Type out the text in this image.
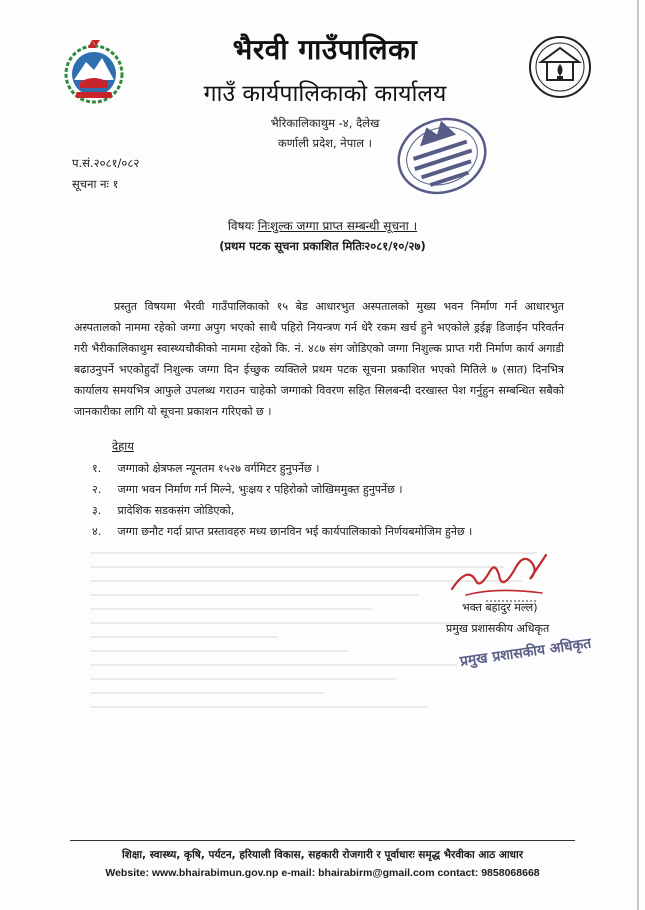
भैरवी गाउँपालिका
गाउँ कार्यपालिकाको कार्यालय
भैरिकालिकाथुम -४, दैलेख
कर्णाली प्रदेश, नेपाल ।
प.सं.२०८१/०८२
सूचना नः १
विषयः निःशुल्क जग्गा प्राप्त सम्बन्धी सूचना ।
(प्रथम पटक सूचना प्रकाशित मितिः२०८१/१०/२७)
प्रस्तुत विषयमा भैरवी गाउँपालिकाको १५ बेड आधारभुत अस्पतालको मुख्य भवन निर्माण गर्न आधारभुत अस्पतालको नाममा रहेको जग्गा अपुग भएको साथै पहिरो नियन्त्रण गर्न धेरै रकम खर्च हुने भएकोले ड्रईङ्ग डिजाईन परिवर्तन गरी भैरीकालिकाथुम स्वास्थ्यचौकीको नाममा रहेको कि. नं. ४८७ संग जोडिएको जग्गा निशुल्क प्राप्त गरी निर्माण कार्य अगाडी बढाउनुपर्ने भएकोहुदाँ निशुल्क जग्गा दिन ईच्छुक व्यक्तिले प्रथम पटक सूचना प्रकाशित भएको मितिले ७ (सात) दिनभित्र कार्यालय समयभित्र आफुले उपलब्ध गराउन चाहेको जग्गाको विवरण सहित सिलबन्दी दरखास्त पेश गर्नुहुन सम्बन्धित सबैको जानकारीका लागि यो सूचना प्रकाशन गरिएको छ ।
देहाय
१. जग्गाको क्षेत्रफल न्यूनतम १५२७ वर्गमिटर हुनुपर्नेछ ।
२. जग्गा भवन निर्माण गर्न मिल्ने, भुःक्षय र पहिरोको जोखिममुक्त हुनुपर्नेछ ।
३. प्रादेशिक सडकसंग जोडिएको,
४. जग्गा छनौट गर्दा प्राप्त प्रस्तावहरु मध्य छानविन भई कार्यपालिकाको निर्णयबमोजिम हुनेछ ।
भक्त बहादुर मल्ल)
प्रमुख प्रशासकीय अधिकृत
प्रमुख प्रशासकीय अधिकृत
शिक्षा, स्वास्थ्य, कृषि, पर्यटन, हरियाली विकास, सहकारी रोजगारी र पूर्वाधारः समृद्ध भैरवीका आठ आधार
Website: www.bhairabimun.gov.np e-mail: bhairabirm@gmail.com contact: 9858068668
